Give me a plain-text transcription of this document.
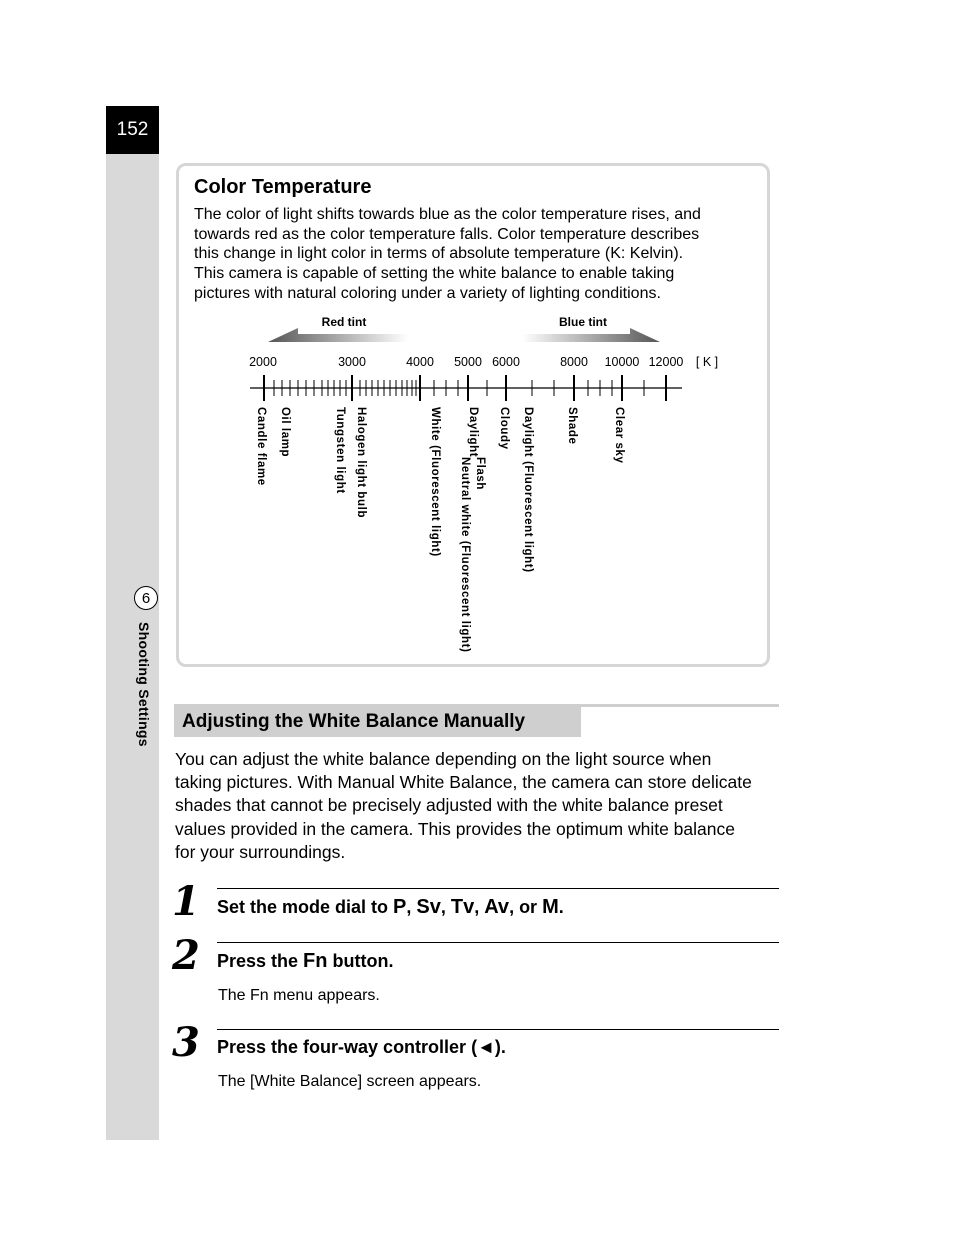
152
6
Shooting Settings
Color Temperature
The color of light shifts towards blue as the color temperature rises, and
towards red as the color temperature falls. Color temperature describes
this change in light color in terms of absolute temperature (K: Kelvin).
This camera is capable of setting the white balance to enable taking
pictures with natural coloring under a variety of lighting conditions.
Red tint	Blue tint
2000	3000	4000 5000 6000	8000 10000 12000 [ K ]
Candle flame Oil lamp	Tungsten light Halogen light bulb	White (Fluorescent light) Daylight
Flash
Neutral white (Fluorescent light)
Cloudy Daylight (Fluorescent light)	Shade	Clear sky
Adjusting the White Balance Manually
You can adjust the white balance depending on the light source when
taking pictures. With Manual White Balance, the camera can store delicate
shades that cannot be precisely adjusted with the white balance preset
values provided in the camera. This provides the optimum white balance
for your surroundings.
1 Set the mode dial to P, Sv, Tv, Av, or M.
2 Press the Fn button.
The Fn menu appears.
3 Press the four-way controller (◄).
The [White Balance] screen appears.
